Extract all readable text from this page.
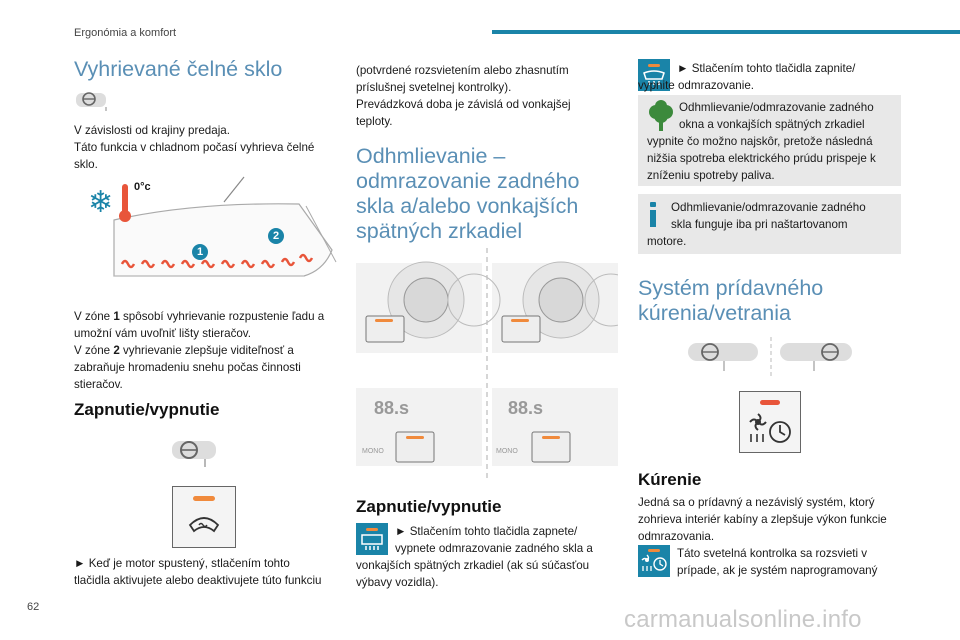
Ergonómia a komfort
Vyhrievané čelné sklo

V závislosti od krajiny predaja.

Táto funkcia v chladnom počasí vyhrieva čelné sklo.

❄ 0°c
1
2

V zóne 1 spôsobí vyhrievanie rozpustenie ľadu a

umožní vám uvoľniť lišty stieračov.

V zóne 2 vyhrievanie zlepšuje viditeľnosť a

zabraňuje hromadeniu snehu počas činnosti

stieračov.

Zapnutie/vypnutie

► Keď je motor spustený, stlačením tohto

tlačidla aktivujete alebo deaktivujete túto funkciu

(potvrdené rozsvietením alebo zhasnutím

príslušnej svetelnej kontrolky).

Prevádzková doba je závislá od vonkajšej

teploty.

Odhmlievanie –
odmrazovanie zadného
skla a/alebo vonkajších
spätných zrkadiel
88.s	88.s
MONO	MONO
Zapnutie/vypnutie

► Stlačením tohto tlačidla zapnete/

vypnete odmrazovanie zadného skla a

vonkajších spätných zrkadiel (ak sú súčasťou

výbavy vozidla).

► Stlačením tohto tlačidla zapnite/

vypnite odmrazovanie.

Odhmlievanie/odmrazovanie zadného

okna a vonkajších spätných zrkadiel

vypnite čo možno najskôr, pretože následná

nižšia spotreba elektrického prúdu prispeje k

zníženiu spotreby paliva.

Odhmlievanie/odmrazovanie zadného

skla funguje iba pri naštartovanom

motore.

Systém prídavného
kúrenia/vetrania
Kúrenie

Jedná sa o prídavný a nezávislý systém, ktorý

zohrieva interiér kabíny a zlepšuje výkon funkcie

odmrazovania.

Táto svetelná kontrolka sa rozsvieti v

prípade, ak je systém naprogramovaný

62	carmanualsonline.info
